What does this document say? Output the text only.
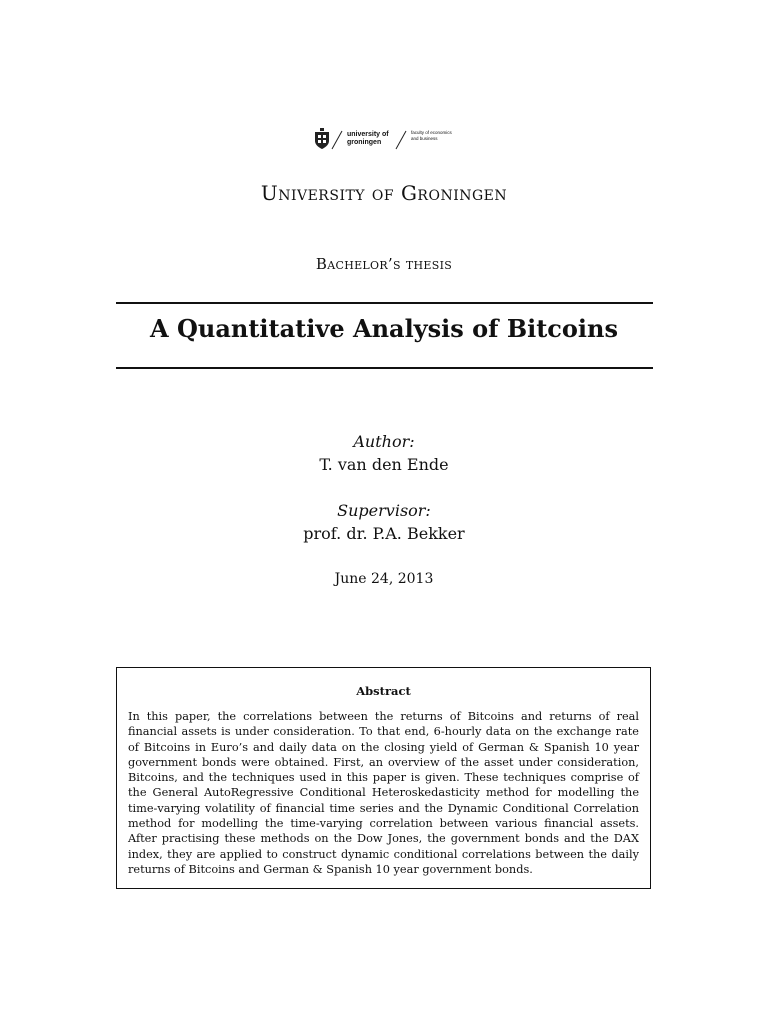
university of
groningen
faculty of economics
and business
University of Groningen
Bachelor’s thesis
A Quantitative Analysis of Bitcoins
Author:
T. van den Ende
Supervisor:
prof. dr. P.A. Bekker
June 24, 2013
Abstract
In this paper, the correlations between the returns of Bitcoins and returns of real financial assets is under consideration. To that end, 6-hourly data on the exchange rate of Bitcoins in Euro’s and daily data on the closing yield of German & Spanish 10 year government bonds were obtained. First, an overview of the asset under consideration, Bitcoins, and the techniques used in this paper is given. These techniques comprise of the General AutoRegressive Conditional Heteroskedasticity method for modelling the time-varying volatility of financial time series and the Dynamic Conditional Correlation method for modelling the time-varying correlation between various financial assets. After practising these methods on the Dow Jones, the government bonds and the DAX index, they are applied to construct dynamic conditional correlations between the daily returns of Bitcoins and German & Spanish 10 year government bonds.
